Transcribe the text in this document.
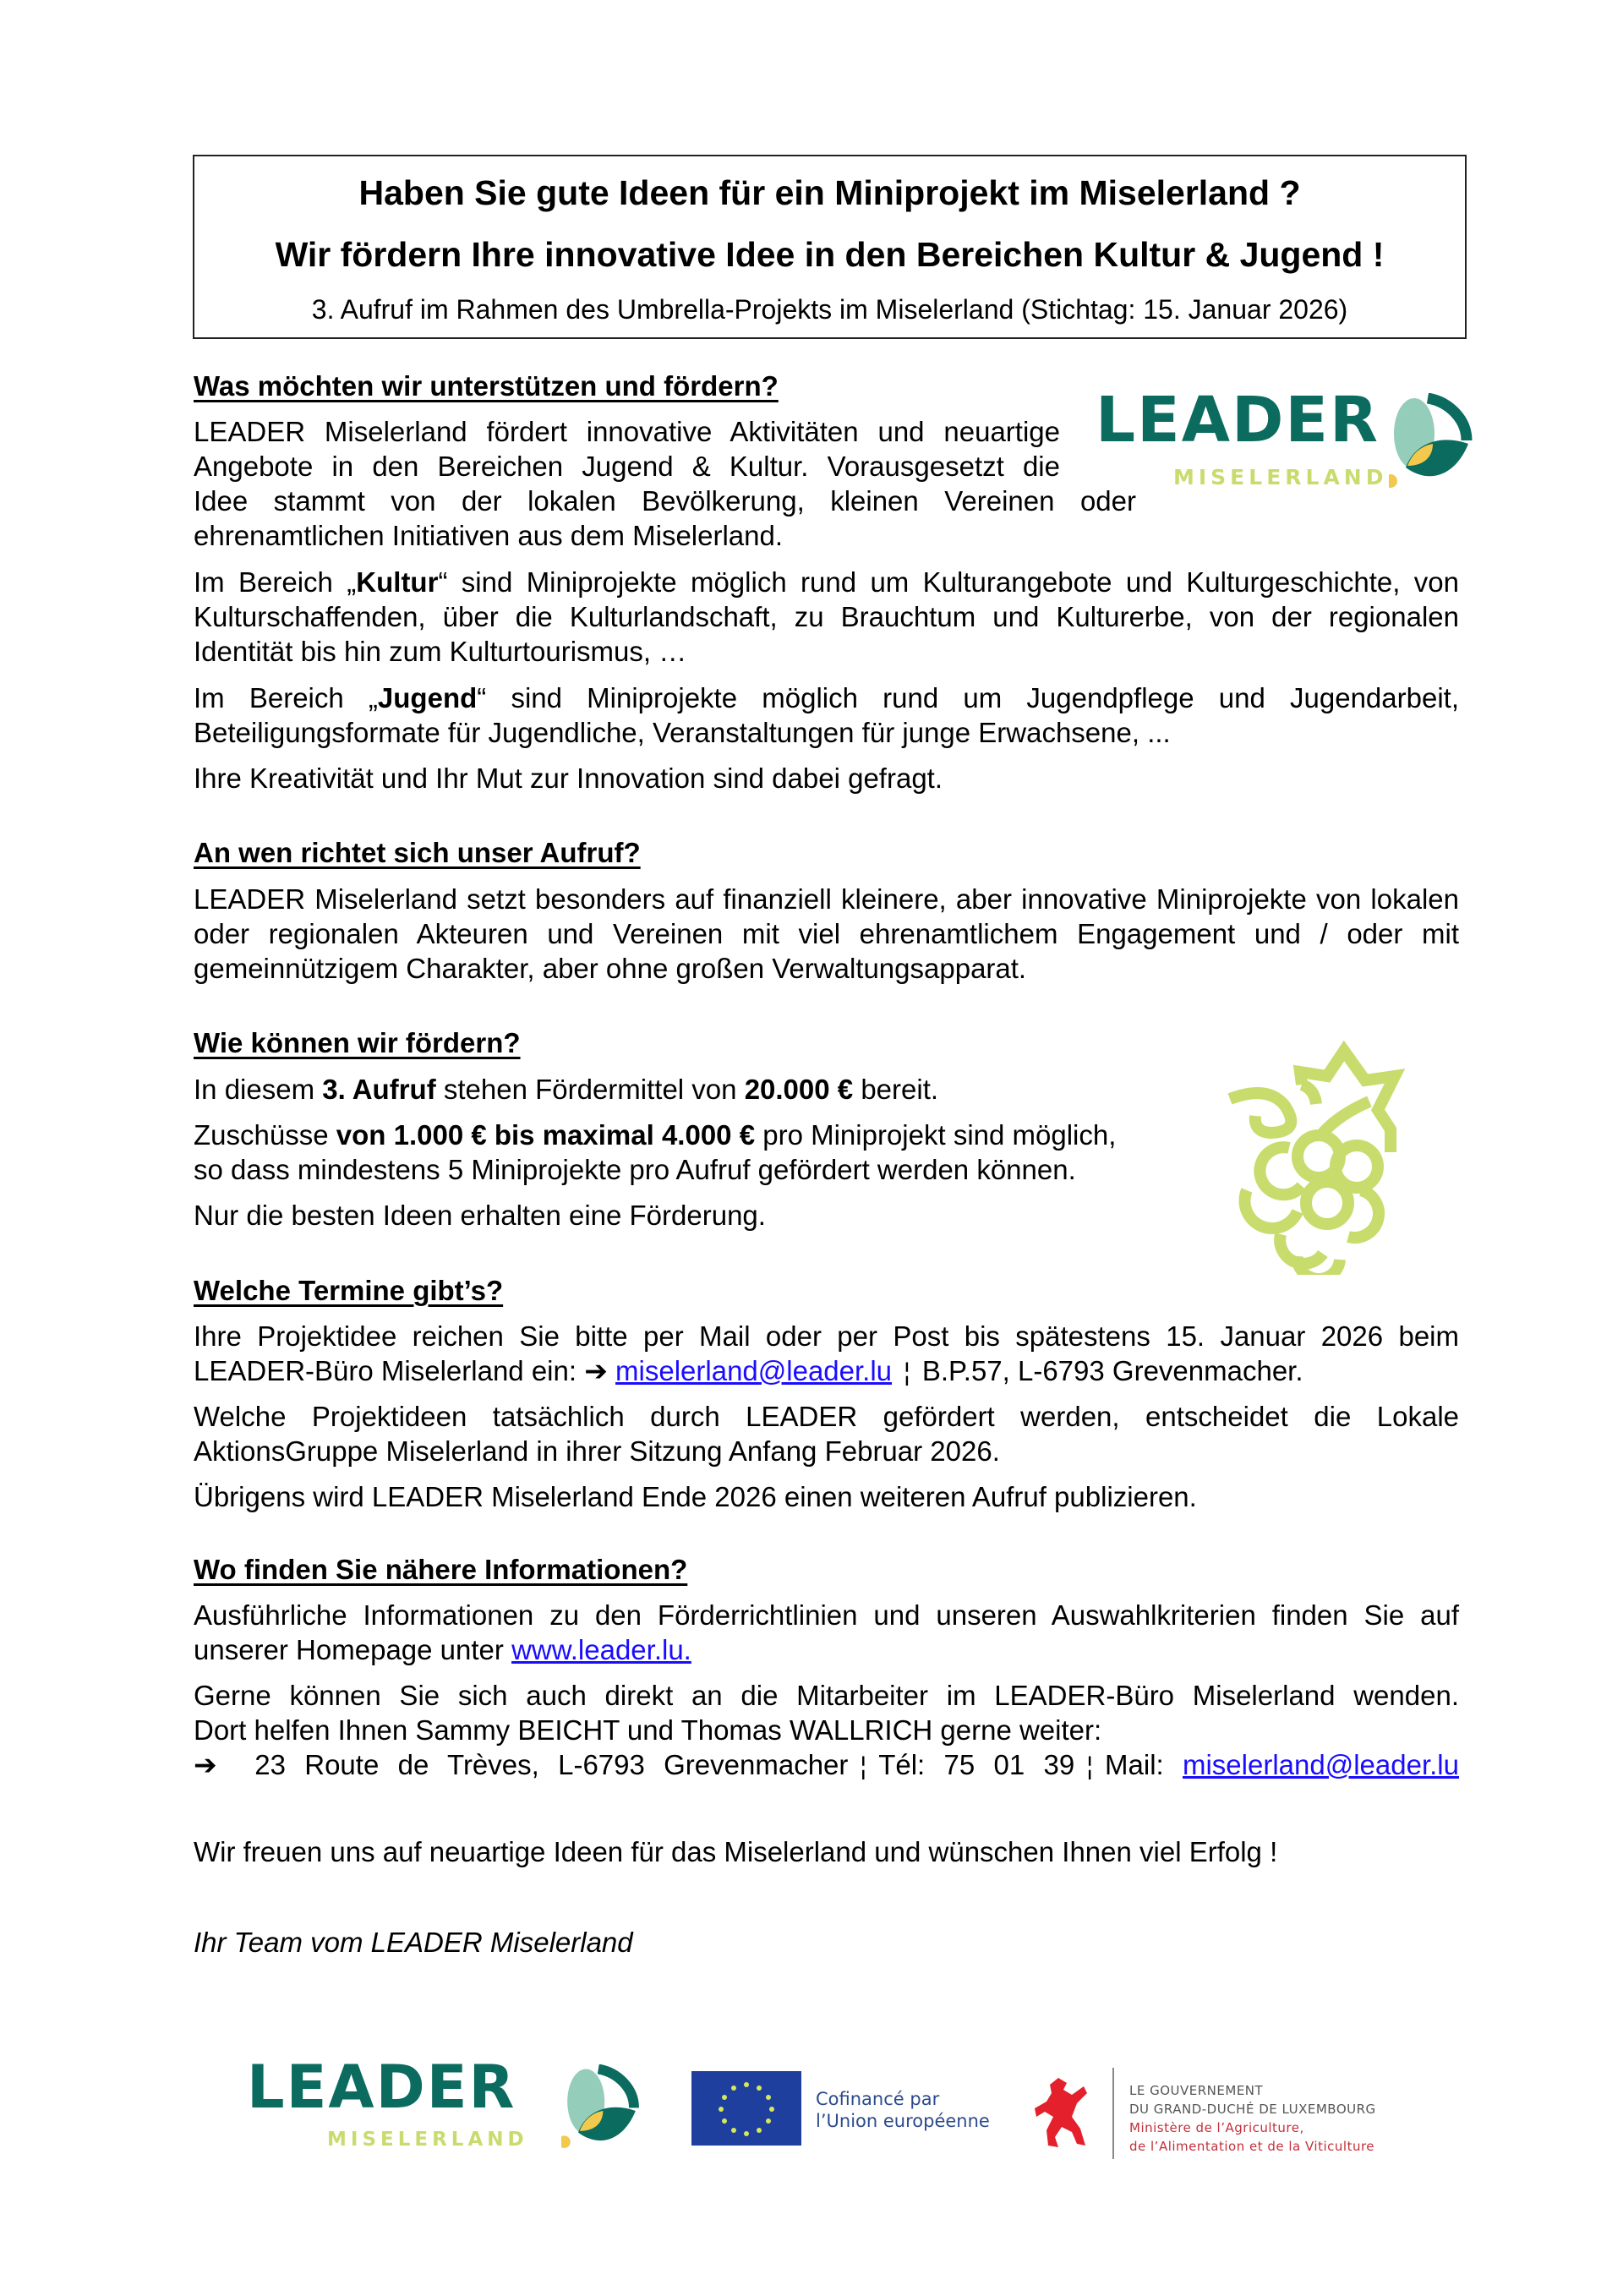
Haben Sie gute Ideen für ein Miniprojekt im Miselerland ?
Wir fördern Ihre innovative Idee in den Bereichen Kultur & Jugend !
3. Aufruf im Rahmen des Umbrella-Projekts im Miselerland (Stichtag: 15. Januar 2026)
LEADER
MISELERLAND
Was möchten wir unterstützen und fördern?
LEADER Miselerland fördert innovative Aktivitäten und neuartige
Angebote in den Bereichen Jugend & Kultur. Vorausgesetzt die
Idee stammt von der lokalen Bevölkerung, kleinen Vereinen oder
ehrenamtlichen Initiativen aus dem Miselerland.
Im Bereich „Kultur“ sind Miniprojekte möglich rund um Kulturangebote und Kulturgeschichte, von Kulturschaffenden, über die Kulturlandschaft, zu Brauchtum und Kulturerbe, von der regionalen Identität bis hin zum Kulturtourismus, …
Im Bereich „Jugend“ sind Miniprojekte möglich rund um Jugendpflege und Jugendarbeit, Beteiligungsformate für Jugendliche, Veranstaltungen für junge Erwachsene, ...
Ihre Kreativität und Ihr Mut zur Innovation sind dabei gefragt.
An wen richtet sich unser Aufruf?
LEADER Miselerland setzt besonders auf finanziell kleinere, aber innovative Miniprojekte von lokalen oder regionalen Akteuren und Vereinen mit viel ehrenamtlichem Engagement und / oder mit gemeinnützigem Charakter, aber ohne großen Verwaltungsapparat.
Wie können wir fördern?
In diesem 3. Aufruf stehen Fördermittel von 20.000 € bereit.
Zuschüsse von 1.000 € bis maximal 4.000 € pro Miniprojekt sind möglich,
so dass mindestens 5 Miniprojekte pro Aufruf gefördert werden können.
Nur die besten Ideen erhalten eine Förderung.
Welche Termine gibt’s?
Ihre Projektidee reichen Sie bitte per Mail oder per Post bis spätestens 15. Januar 2026 beim
LEADER-Büro Miselerland ein: ➔ miselerland@leader.lu ¦ B.P.57, L-6793 Grevenmacher.
Welche Projektideen tatsächlich durch LEADER gefördert werden, entscheidet die Lokale AktionsGruppe Miselerland in ihrer Sitzung Anfang Februar 2026.
Übrigens wird LEADER Miselerland Ende 2026 einen weiteren Aufruf publizieren.
Wo finden Sie nähere Informationen?
Ausführliche Informationen zu den Förderrichtlinien und unseren Auswahlkriterien finden Sie auf unserer Homepage unter www.leader.lu.
Gerne können Sie sich auch direkt an die Mitarbeiter im LEADER-Büro Miselerland wenden.
Dort helfen Ihnen Sammy BEICHT und Thomas WALLRICH gerne weiter:
➔ 23 Route de Trèves, L-6793 Grevenmacher ¦ Tél: 75 01 39 ¦ Mail: miselerland@leader.lu
Wir freuen uns auf neuartige Ideen für das Miselerland und wünschen Ihnen viel Erfolg !
Ihr Team vom LEADER Miselerland
LEADER
MISELERLAND
Cofinancé par
l’Union européenne
LE GOUVERNEMENT
DU GRAND-DUCHÉ DE LUXEMBOURG
Ministère de l’Agriculture,
de l’Alimentation et de la Viticulture
